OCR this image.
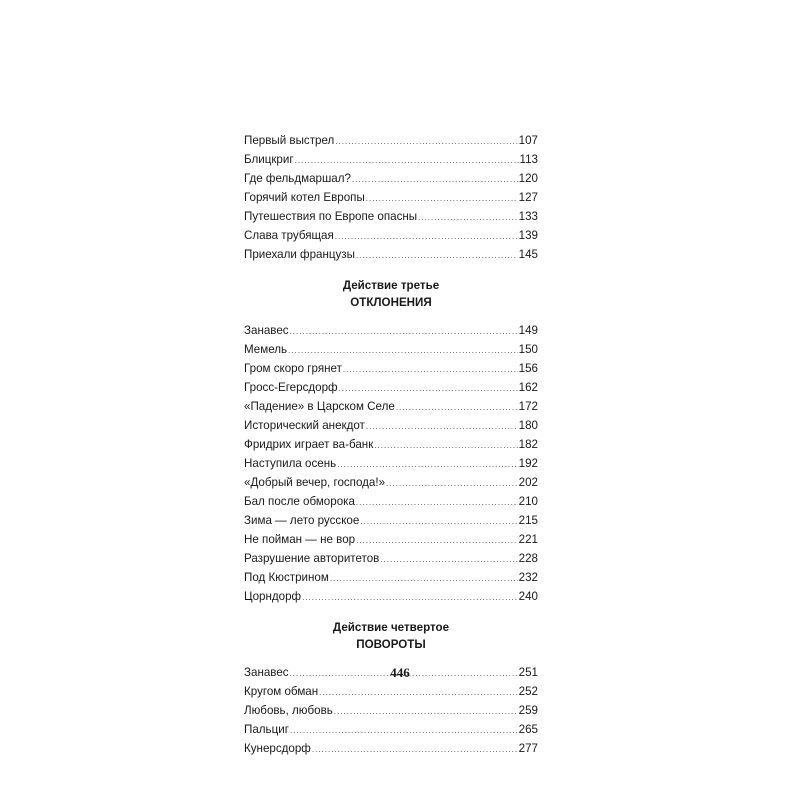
Первый выстрел .....	107
Блицкриг .....	113
Где фельдмаршал? .....	120
Горячий котел Европы .....	127
Путешествия по Европе опасны .....	133
Слава трубящая .....	139
Приехали французы .....	145
Действие третье
ОТКЛОНЕНИЯ
Занавес .....	149
Мемель .....	150
Гром скоро грянет .....	156
Гросс-Егерсдорф .....	162
«Падение» в Царском Селе .....	172
Исторический анекдот .....	180
Фридрих играет ва-банк .....	182
Наступила осень .....	192
«Добрый вечер, господа!» .....	202
Бал после обморока .....	210
Зима — лето русское .....	215
Не пойман — не вор .....	221
Разрушение авторитетов .....	228
Под Кюстрином .....	232
Цорндорф .....	240
Действие четвертое
ПОВОРОТЫ
Занавес .....	251
Кругом обман .....	252
Любовь, любовь .....	259
Пальциг .....	265
Кунерсдорф .....	277
446
